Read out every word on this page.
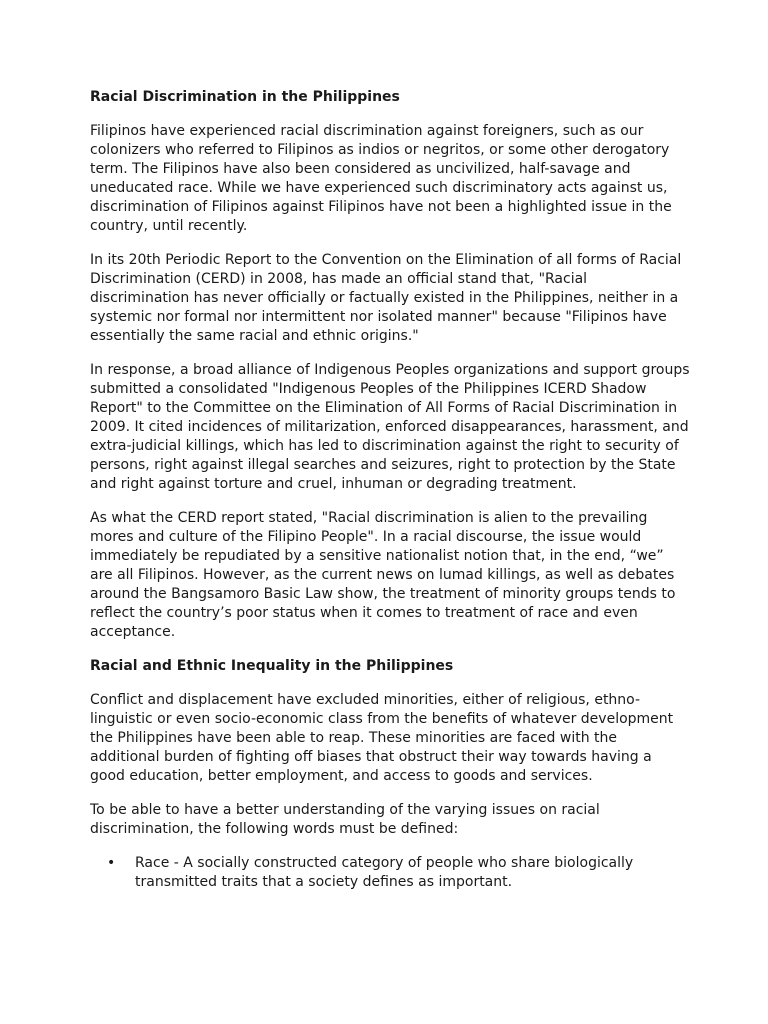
Racial Discrimination in the Philippines

Filipinos have experienced racial discrimination against foreigners, such as our colonizers who referred to Filipinos as indios or negritos, or some other derogatory term. The Filipinos have also been considered as uncivilized, half-savage and uneducated race. While we have experienced such discriminatory acts against us, discrimination of Filipinos against Filipinos have not been a highlighted issue in the country, until recently.

In its 20th Periodic Report to the Convention on the Elimination of all forms of Racial Discrimination (CERD) in 2008, has made an official stand that, "Racial discrimination has never officially or factually existed in the Philippines, neither in a systemic nor formal nor intermittent nor isolated manner" because "Filipinos have essentially the same racial and ethnic origins."

In response, a broad alliance of Indigenous Peoples organizations and support groups submitted a consolidated "Indigenous Peoples of the Philippines ICERD Shadow Report" to the Committee on the Elimination of All Forms of Racial Discrimination in 2009. It cited incidences of militarization, enforced disappearances, harassment, and extra-judicial killings, which has led to discrimination against the right to security of persons, right against illegal searches and seizures, right to protection by the State and right against torture and cruel, inhuman or degrading treatment.

As what the CERD report stated, "Racial discrimination is alien to the prevailing mores and culture of the Filipino People". In a racial discourse, the issue would immediately be repudiated by a sensitive nationalist notion that, in the end, “we” are all Filipinos. However, as the current news on lumad killings, as well as debates around the Bangsamoro Basic Law show, the treatment of minority groups tends to reflect the country’s poor status when it comes to treatment of race and even acceptance.

Racial and Ethnic Inequality in the Philippines

Conflict and displacement have excluded minorities, either of religious, ethno-linguistic or even socio-economic class from the benefits of whatever development the Philippines have been able to reap. These minorities are faced with the additional burden of fighting off biases that obstruct their way towards having a good education, better employment, and access to goods and services.

To be able to have a better understanding of the varying issues on racial discrimination, the following words must be defined:

• Race - A socially constructed category of people who share biologically transmitted traits that a society defines as important.
